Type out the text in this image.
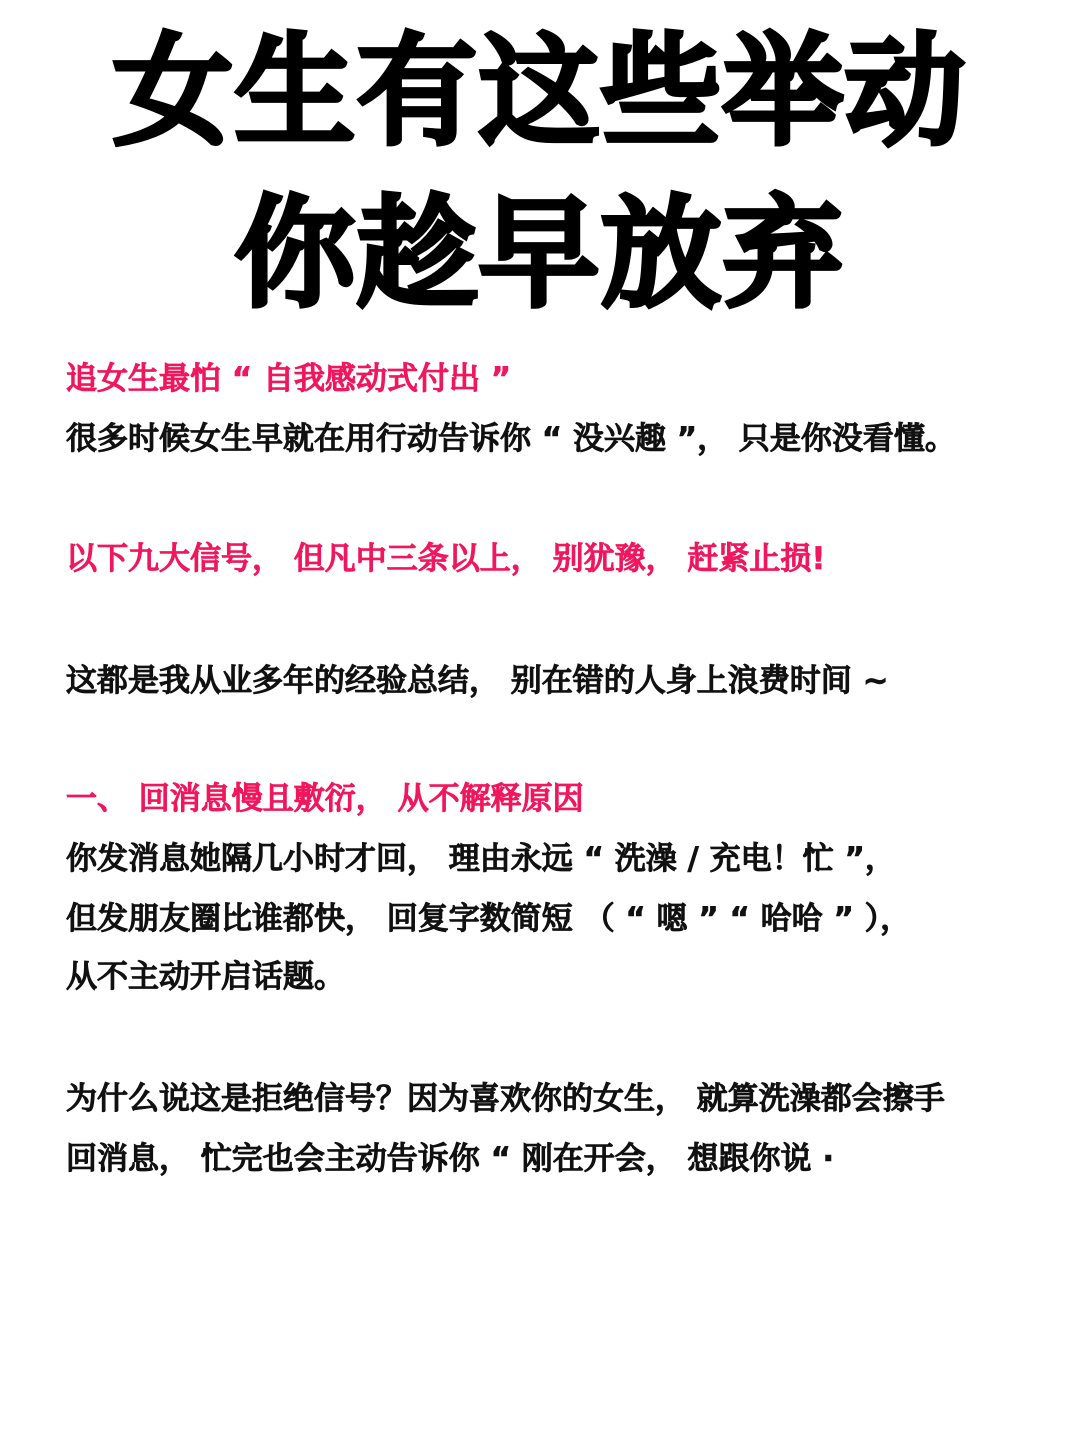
女生有这些举动
你趁早放弃
追女生最怕 “ 自我感动式付出 ”
很多时候女生早就在用行动告诉你 “ 没兴趣 ”， 只是你没看懂。
以下九大信号， 但凡中三条以上， 别犹豫， 赶紧止损!
这都是我从业多年的经验总结， 别在错的人身上浪费时间 ~
一、 回消息慢且敷衍， 从不解释原因
你发消息她隔几小时才回， 理由永远 “ 洗澡 / 充电！忙 ”，
但发朋友圈比谁都快， 回复字数简短 （ “ 嗯 ” “ 哈哈 ” ），
从不主动开启话题。
为什么说这是拒绝信号？因为喜欢你的女生， 就算洗澡都会擦手
回消息， 忙完也会主动告诉你 “ 刚在开会， 想跟你说 ·
